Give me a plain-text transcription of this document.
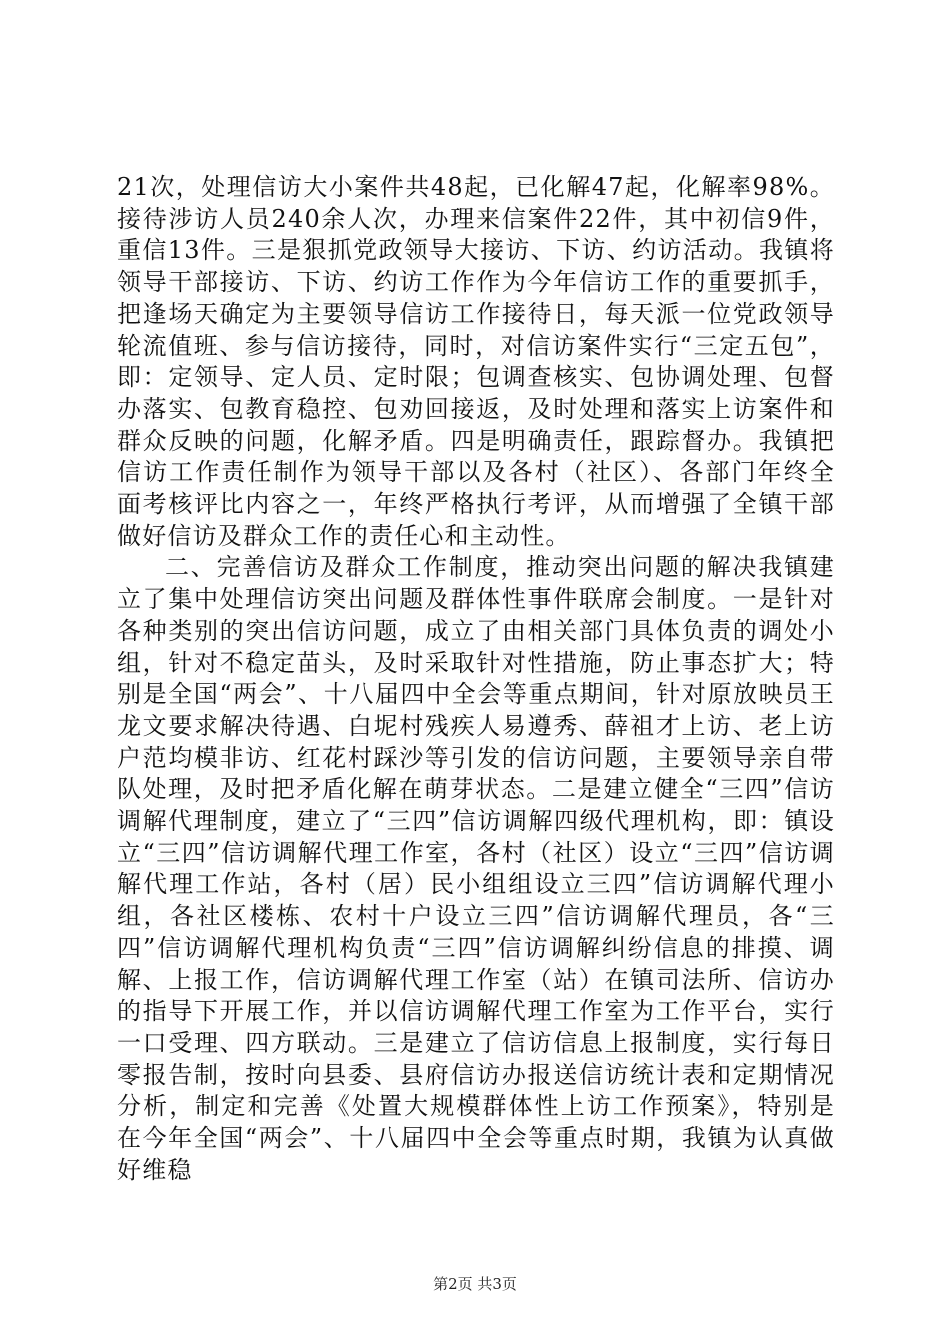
21次，处理信访大小案件共48起，已化解47起，化解率98%。接待涉访人员240余人次，办理来信案件22件，其中初信9件，重信13件。三是狠抓党政领导大接访、下访、约访活动。我镇将领导干部接访、下访、约访工作作为今年信访工作的重要抓手，把逢场天确定为主要领导信访工作接待日，每天派一位党政领导轮流值班、参与信访接待，同时，对信访案件实行“三定五包”，即：定领导、定人员、定时限；包调查核实、包协调处理、包督办落实、包教育稳控、包劝回接返，及时处理和落实上访案件和群众反映的问题，化解矛盾。四是明确责任，跟踪督办。我镇把信访工作责任制作为领导干部以及各村（社区）、各部门年终全面考核评比内容之一，年终严格执行考评，从而增强了全镇干部做好信访及群众工作的责任心和主动性。

二、完善信访及群众工作制度，推动突出问题的解决我镇建立了集中处理信访突出问题及群体性事件联席会制度。一是针对各种类别的突出信访问题，成立了由相关部门具体负责的调处小组，针对不稳定苗头，及时采取针对性措施，防止事态扩大；特别是全国“两会”、十八届四中全会等重点期间，针对原放映员王龙文要求解决待遇、白坭村残疾人易遵秀、薛祖才上访、老上访户范均模非访、红花村踩沙等引发的信访问题，主要领导亲自带队处理，及时把矛盾化解在萌芽状态。二是建立健全“三四”信访调解代理制度，建立了“三四”信访调解四级代理机构，即：镇设立“三四”信访调解代理工作室，各村（社区）设立“三四”信访调解代理工作站，各村（居）民小组组设立三四”信访调解代理小组，各社区楼栋、农村十户设立三四”信访调解代理员，各“三四”信访调解代理机构负责“三四”信访调解纠纷信息的排摸、调解、上报工作，信访调解代理工作室（站）在镇司法所、信访办的指导下开展工作，并以信访调解代理工作室为工作平台，实行一口受理、四方联动。三是建立了信访信息上报制度，实行每日零报告制，按时向县委、县府信访办报送信访统计表和定期情况分析，制定和完善《处置大规模群体性上访工作预案》，特别是在今年全国“两会”、十八届四中全会等重点时期，我镇为认真做好维稳

第2页 共3页
